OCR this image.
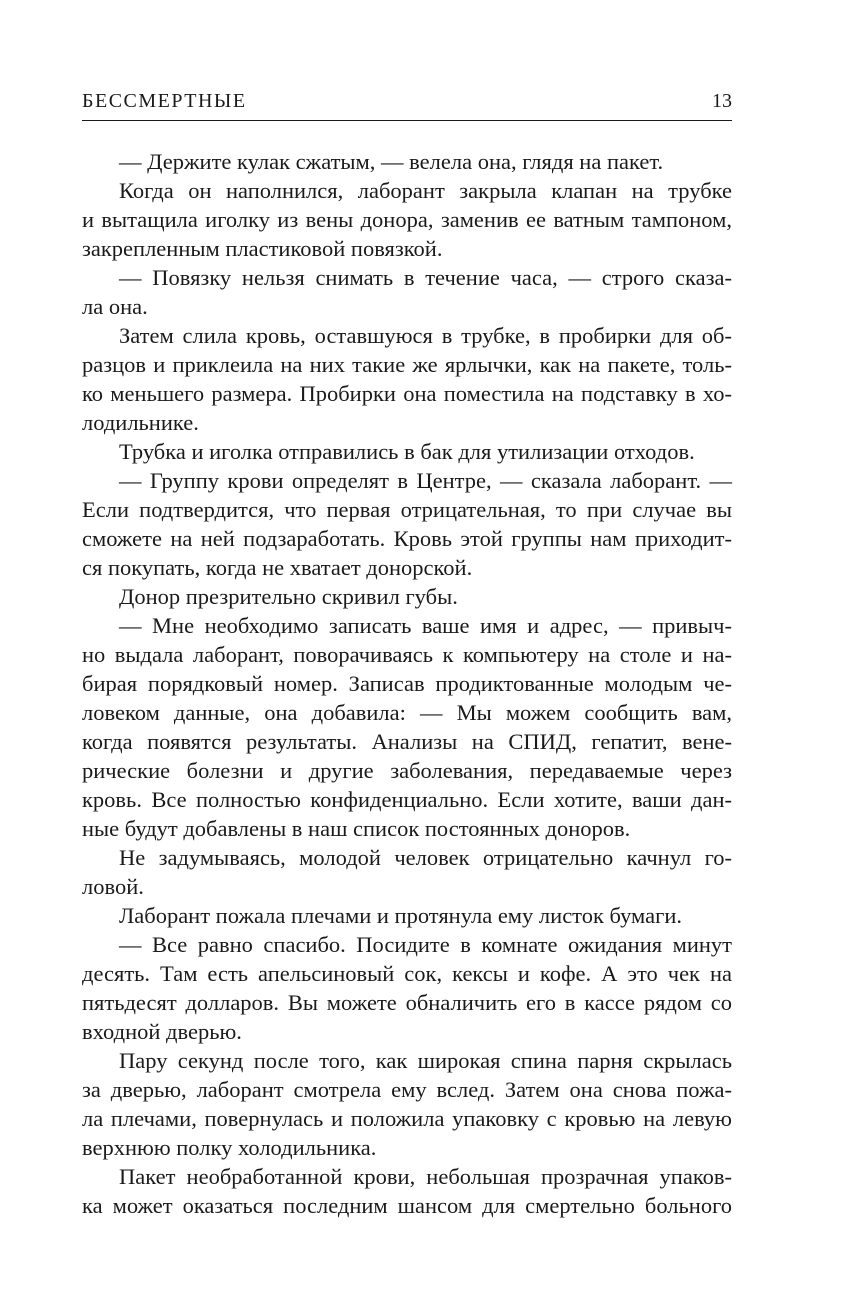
БЕССМЕРТНЫЕ	13
— Держите кулак сжатым, — велела она, глядя на пакет.
Когда он наполнился, лаборант закрыла клапан на трубке
и вытащила иголку из вены донора, заменив ее ватным тампоном,
закрепленным пластиковой повязкой.
— Повязку нельзя снимать в течение часа, — строго сказа-
ла она.
Затем слила кровь, оставшуюся в трубке, в пробирки для об-
разцов и приклеила на них такие же ярлычки, как на пакете, толь-
ко меньшего размера. Пробирки она поместила на подставку в хо-
лодильнике.
Трубка и иголка отправились в бак для утилизации отходов.
— Группу крови определят в Центре, — сказала лаборант. —
Если подтвердится, что первая отрицательная, то при случае вы
сможете на ней подзаработать. Кровь этой группы нам приходит-
ся покупать, когда не хватает донорской.
Донор презрительно скривил губы.
— Мне необходимо записать ваше имя и адрес, — привыч-
но выдала лаборант, поворачиваясь к компьютеру на столе и на-
бирая порядковый номер. Записав продиктованные молодым че-
ловеком данные, она добавила: — Мы можем сообщить вам,
когда появятся результаты. Анализы на СПИД, гепатит, вене-
рические болезни и другие заболевания, передаваемые через
кровь. Все полностью конфиденциально. Если хотите, ваши дан-
ные будут добавлены в наш список постоянных доноров.
Не задумываясь, молодой человек отрицательно качнул го-
ловой.
Лаборант пожала плечами и протянула ему листок бумаги.
— Все равно спасибо. Посидите в комнате ожидания минут
десять. Там есть апельсиновый сок, кексы и кофе. А это чек на
пятьдесят долларов. Вы можете обналичить его в кассе рядом со
входной дверью.
Пару секунд после того, как широкая спина парня скрылась
за дверью, лаборант смотрела ему вслед. Затем она снова пожа-
ла плечами, повернулась и положила упаковку с кровью на левую
верхнюю полку холодильника.
Пакет необработанной крови, небольшая прозрачная упаков-
ка может оказаться последним шансом для смертельно больного
